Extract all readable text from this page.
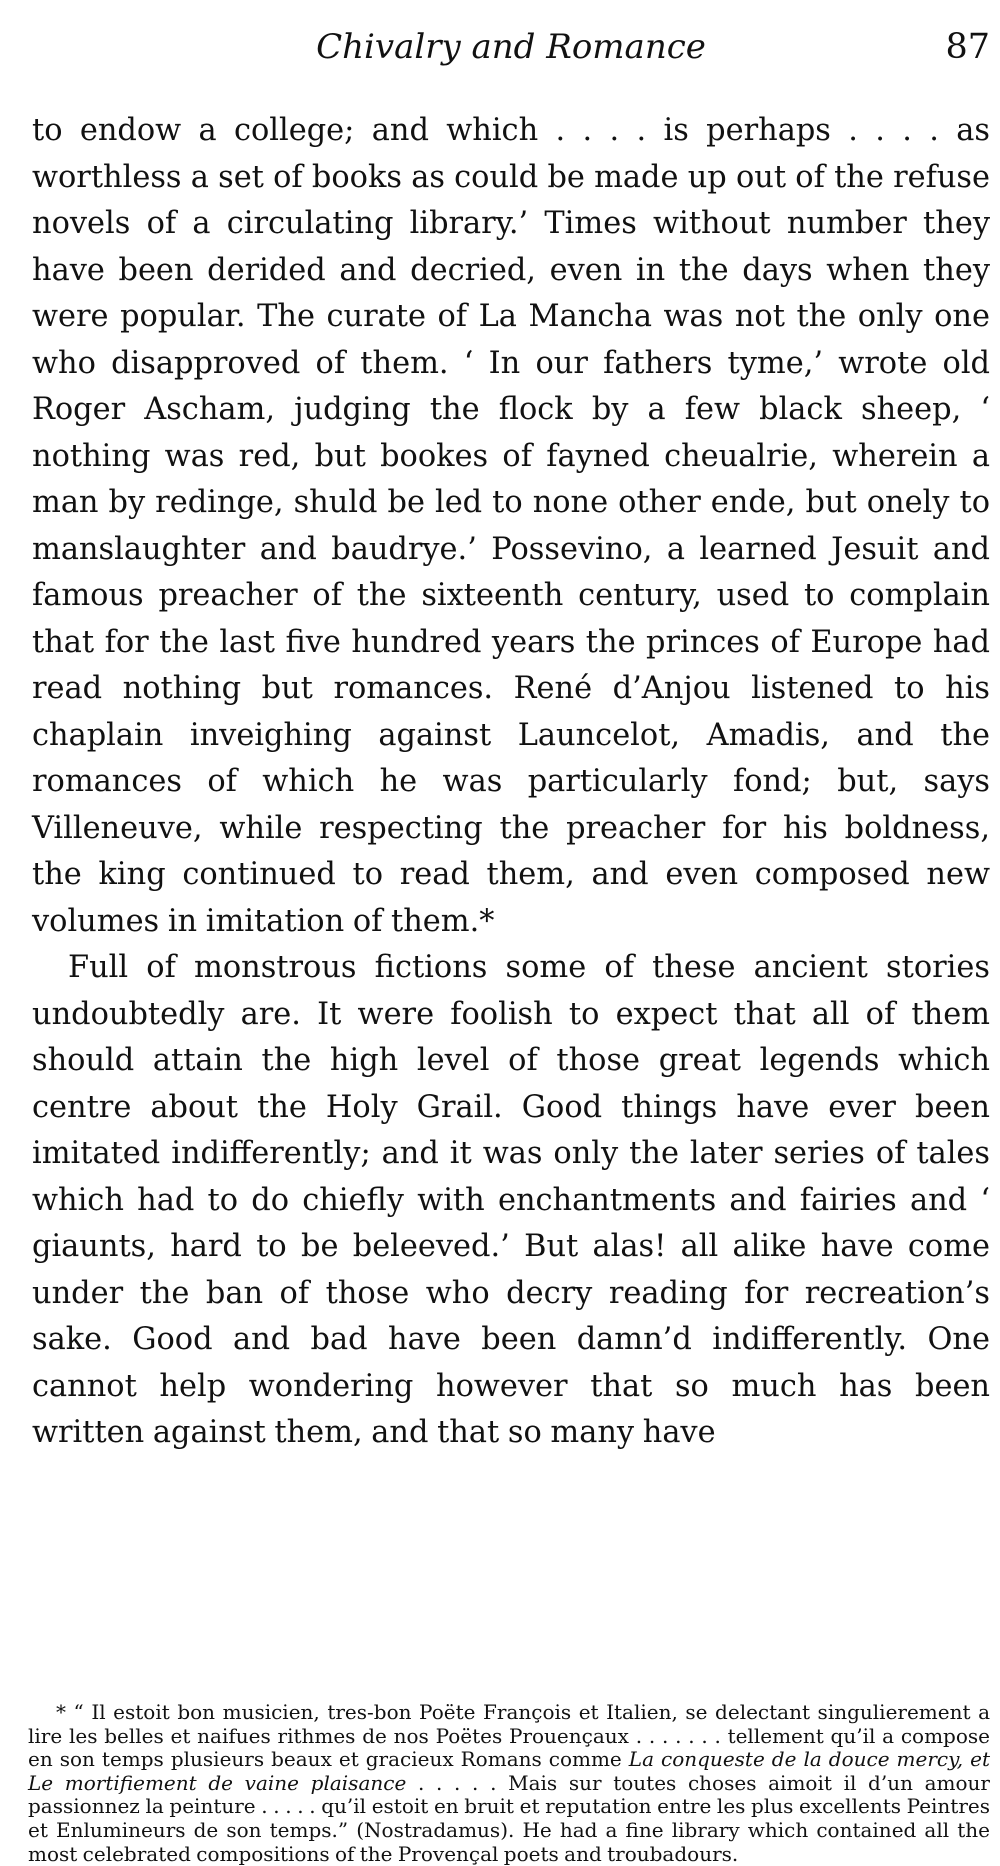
Chivalry and Romance	87

to endow a college; and which . . . . is perhaps . . . . as worthless a set of books as could be made up out of the refuse novels of a circulating library.’ Times without number they have been derided and decried, even in the days when they were popular. The curate of La Mancha was not the only one who disapproved of them. ‘ In our fathers tyme,’ wrote old Roger Ascham, judging the flock by a few black sheep, ‘ nothing was red, but bookes of fayned cheualrie, wherein a man by redinge, shuld be led to none other ende, but onely to manslaughter and baudrye.’ Possevino, a learned Jesuit and famous preacher of the sixteenth century, used to complain that for the last five hundred years the princes of Europe had read nothing but romances. René d’Anjou listened to his chaplain inveighing against Launcelot, Amadis, and the romances of which he was particularly fond; but, says Villeneuve, while respecting the preacher for his boldness, the king continued to read them, and even composed new volumes in imitation of them.*

Full of monstrous fictions some of these ancient stories undoubtedly are. It were foolish to expect that all of them should attain the high level of those great legends which centre about the Holy Grail. Good things have ever been imitated indifferently; and it was only the later series of tales which had to do chiefly with enchantments and fairies and ‘ giaunts, hard to be beleeved.’ But alas! all alike have come under the ban of those who decry reading for recreation’s sake. Good and bad have been damn’d indifferently. One cannot help wondering however that so much has been written against them, and that so many have

* “ Il estoit bon musicien, tres-bon Poëte François et Italien, se delectant singulierement a lire les belles et naifues rithmes de nos Poëtes Prouençaux . . . . . . . tellement qu’il a compose en son temps plusieurs beaux et gracieux Romans comme La conqueste de la douce mercy, et Le mortifiement de vaine plaisance . . . . . Mais sur toutes choses aimoit il d’un amour passionnez la peinture . . . . . qu’il estoit en bruit et reputation entre les plus excellents Peintres et Enlumineurs de son temps.” (Nostradamus). He had a fine library which contained all the most celebrated compositions of the Provençal poets and troubadours.
